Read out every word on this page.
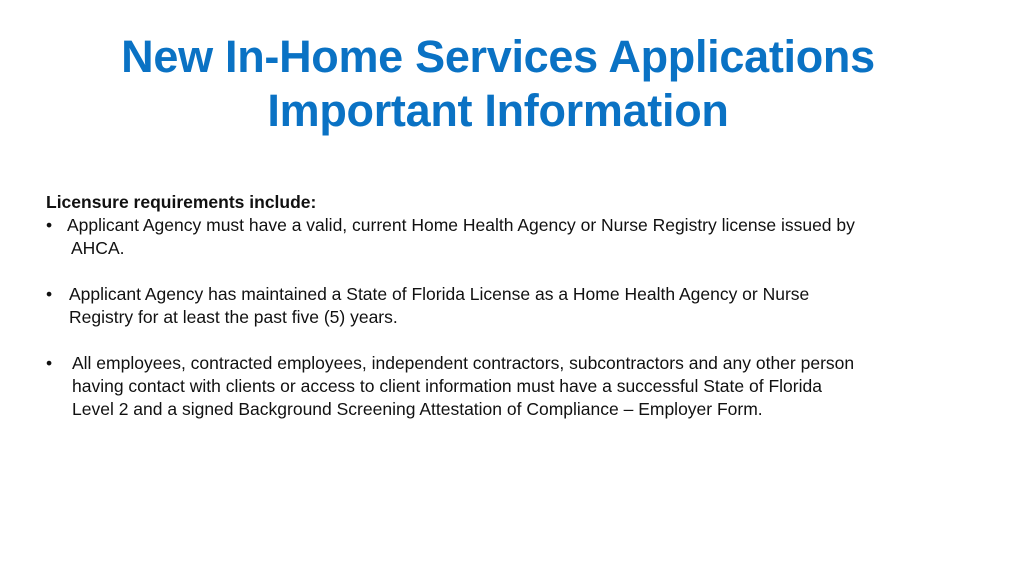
New In-Home Services Applications
Important Information

Licensure requirements include:

• Applicant Agency must have a valid, current Home Health Agency or Nurse Registry license issued by
AHCA.
• Applicant Agency has maintained a State of Florida License as a Home Health Agency or Nurse
Registry for at least the past five (5) years.
• All employees, contracted employees, independent contractors, subcontractors and any other person
having contact with clients or access to client information must have a successful State of Florida
Level 2 and a signed Background Screening Attestation of Compliance – Employer Form.
